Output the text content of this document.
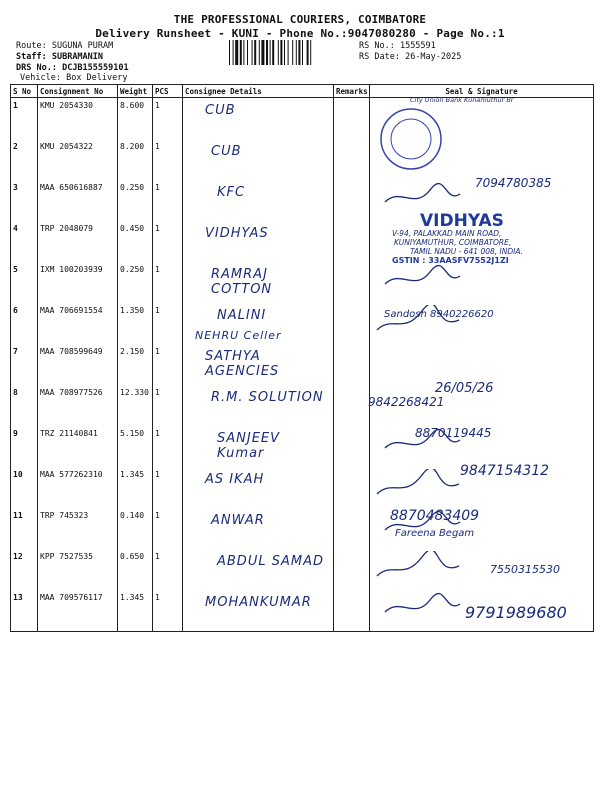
THE PROFESSIONAL COURIERS, COIMBATORE
Delivery Runsheet - KUNI - Phone No.:9047080280 - Page No.:1
Route: SUGUNA PURAM
Staff: SUBRAMANIN
DRS No.: DCJB155559101
Vehicle: Box Delivery
RS No.: 1555591
RS Date: 26-May-2025
S No	Consignment No	Weight	PCS	Consignee Details	Remarks	Seal & Signature
1	KMU 2054330	8.600	1	CUB		City Union Bank Kunamuthur Br

2	KMU 2054322	8.200	1	CUB

3	MAA 650616887	0.250	1	KFC		7094780385

4	TRP 2048079	0.450	1	VIDHYAS		VIDHYAS
V-94, PALAKKAD MAIN ROAD,
KUNIYAMUTHUR, COIMBATORE,
TAMIL NADU - 641 008, INDIA.
GSTIN : 33AASFV7552J1ZI

5	IXM 100203939	0.250	1	RAMRAJ COTTON

6	MAA 706691554	1.350	1	NALINI
NEHRU Celler		Sandosh 8940226620

7	MAA 708599649	2.150	1	SATHYA AGENCIES

8	MAA 708977526	12.330	1	R.M. SOLUTION		26/05/26
9842268421

9	TRZ 21140841	5.150	1	SANJEEV Kumar		8870119445

10	MAA 577262310	1.345	1	AS IKAH		9847154312

11	TRP 745323	0.140	1	ANWAR		8870483409
Fareena Begam

12	KPP 7527535	0.650	1	ABDUL SAMAD		7550315530

13	MAA 709576117	1.345	1	MOHANKUMAR		9791989680
